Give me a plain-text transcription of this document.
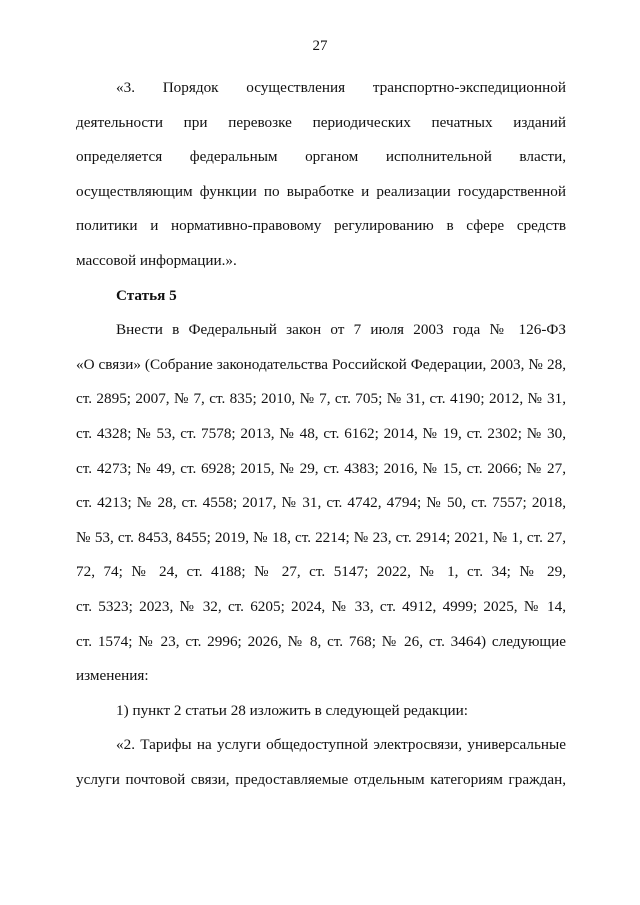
27
«3. Порядок осуществления транспортно-экспедиционной
деятельности при перевозке периодических печатных изданий
определяется федеральным органом исполнительной власти,
осуществляющим функции по выработке и реализации государственной
политики и нормативно-правовому регулированию в сфере средств
массовой информации.».
Статья 5
Внести в Федеральный закон от 7 июля 2003 года № 126-ФЗ
«О связи» (Собрание законодательства Российской Федерации, 2003, № 28,
ст. 2895; 2007, № 7, ст. 835; 2010, № 7, ст. 705; № 31, ст. 4190; 2012, № 31,
ст. 4328; № 53, ст. 7578; 2013, № 48, ст. 6162; 2014, № 19, ст. 2302; № 30,
ст. 4273; № 49, ст. 6928; 2015, № 29, ст. 4383; 2016, № 15, ст. 2066; № 27,
ст. 4213; № 28, ст. 4558; 2017, № 31, ст. 4742, 4794; № 50, ст. 7557; 2018,
№ 53, ст. 8453, 8455; 2019, № 18, ст. 2214; № 23, ст. 2914; 2021, № 1, ст. 27,
72, 74; № 24, ст. 4188; № 27, ст. 5147; 2022, № 1, ст. 34; № 29,
ст. 5323; 2023, № 32, ст. 6205; 2024, № 33, ст. 4912, 4999; 2025, № 14,
ст. 1574; № 23, ст. 2996; 2026, № 8, ст. 768; № 26, ст. 3464) следующие
изменения:
1) пункт 2 статьи 28 изложить в следующей редакции:
«2. Тарифы на услуги общедоступной электросвязи, универсальные
услуги почтовой связи, предоставляемые отдельным категориям граждан,
